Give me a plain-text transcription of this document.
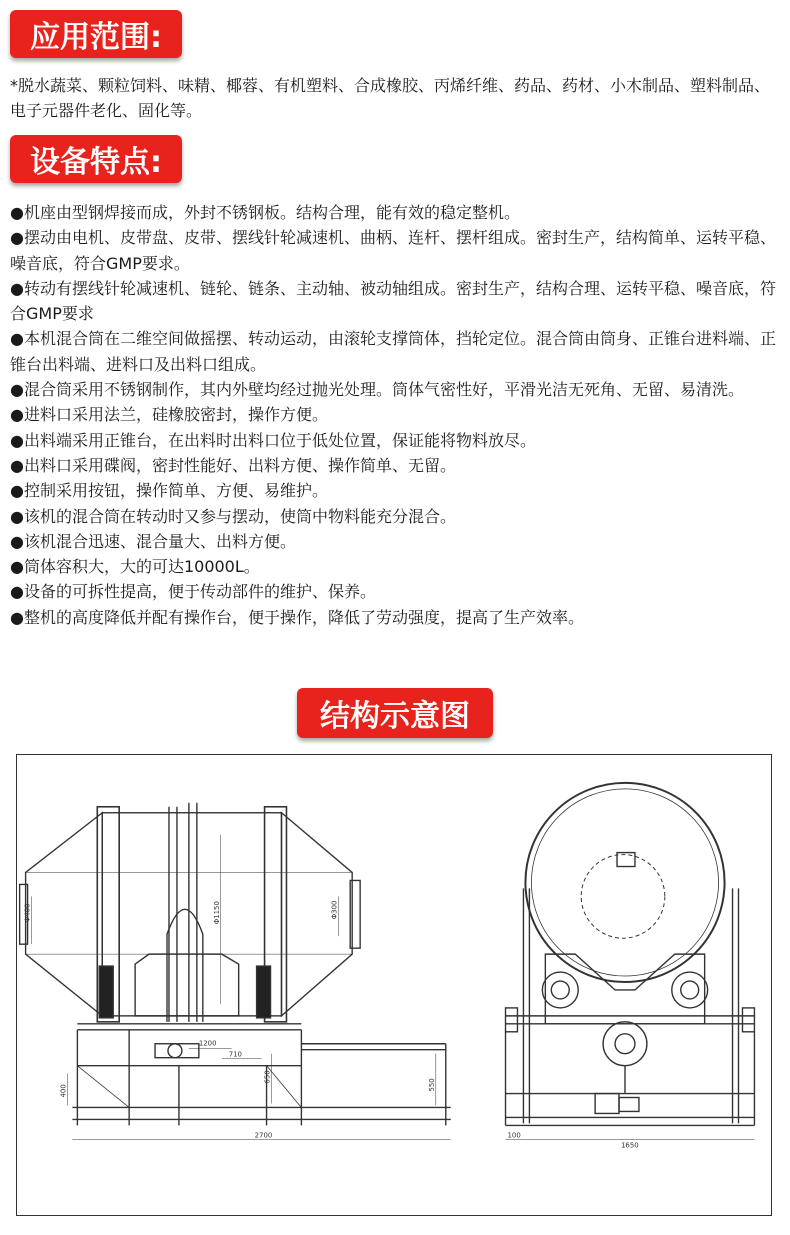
应用范围:

*脱水蔬菜、颗粒饲料、味精、椰蓉、有机塑料、合成橡胶、丙烯纤维、药品、药材、小木制品、塑料制品、电子元器件老化、固化等。

设备特点:
●机座由型钢焊接而成，外封不锈钢板。结构合理，能有效的稳定整机。
●摆动由电机、皮带盘、皮带、摆线针轮减速机、曲柄、连杆、摆杆组成。密封生产，结构简单、运转平稳、噪音底，符合GMP要求。
●转动有摆线针轮减速机、链轮、链条、主动轴、被动轴组成。密封生产，结构合理、运转平稳、噪音底，符合GMP要求
●本机混合筒在二维空间做摇摆、转动运动，由滚轮支撑筒体，挡轮定位。混合筒由筒身、正锥台进料端、正锥台出料端、进料口及出料口组成。
●混合筒采用不锈钢制作，其内外壁均经过抛光处理。筒体气密性好，平滑光洁无死角、无留、易清洗。
●进料口采用法兰，硅橡胶密封，操作方便。
●出料端采用正锥台，在出料时出料口位于低处位置，保证能将物料放尽。
●出料口采用碟阀，密封性能好、出料方便、操作简单、无留。
●控制采用按钮，操作简单、方便、易维护。
●该机的混合筒在转动时又参与摆动，使筒中物料能充分混合。
●该机混合迅速、混合量大、出料方便。
●筒体容积大，大的可达10000L。
●设备的可拆性提高，便于传动部件的维护、保养。
●整机的高度降低并配有操作台，便于操作，降低了劳动强度，提高了生产效率。
结构示意图
Φ400	Φ1150	Φ300
1200
710
400
650
550
2700	100
1650
